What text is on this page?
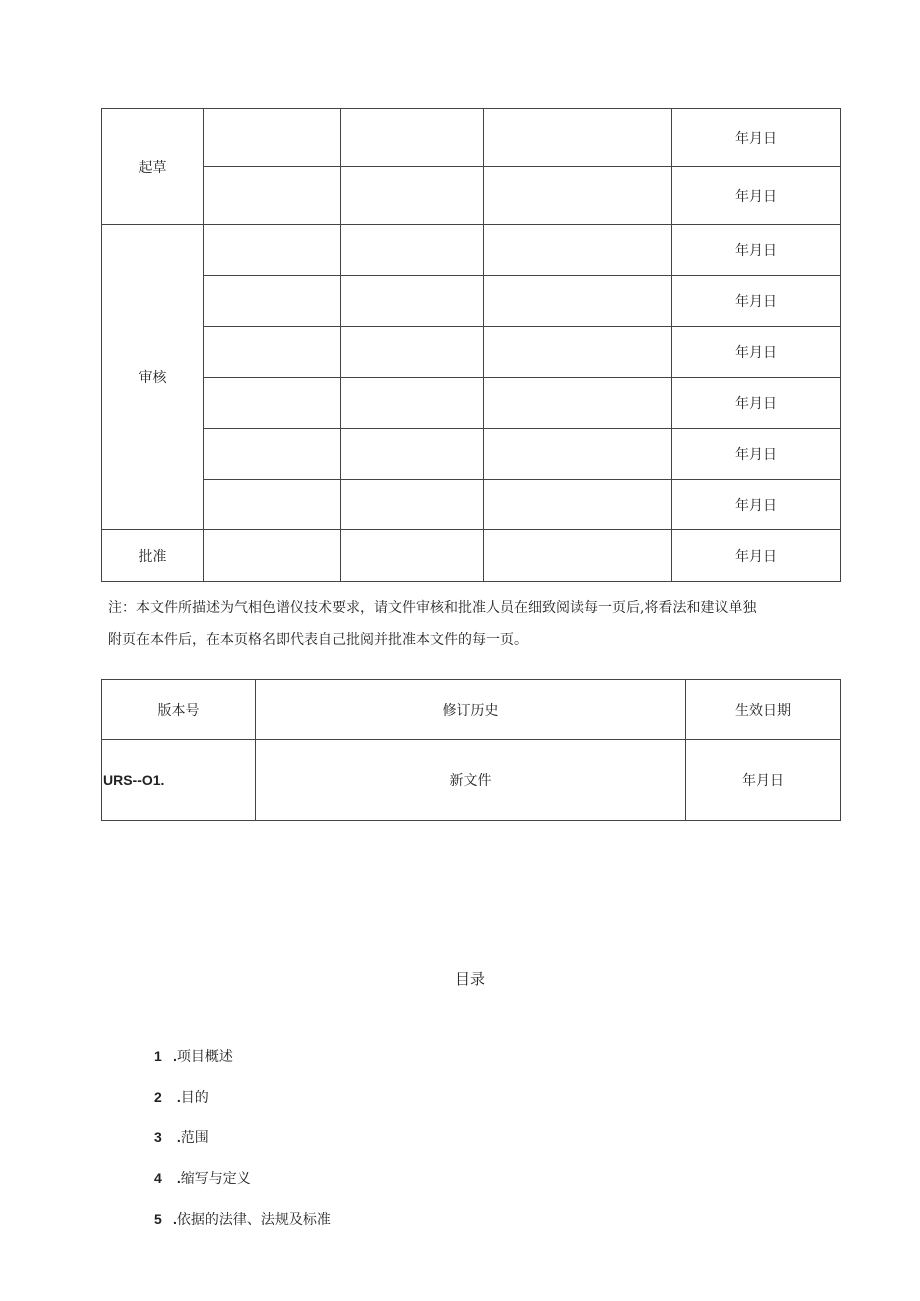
起草				年月日
				年月日
审核				年月日
				年月日
				年月日
				年月日
				年月日
				年月日
批准				年月日

注：本文件所描述为气相色谱仪技术要求，请文件审核和批准人员在细致阅读每一页后,将看法和建议单独
附页在本件后，在本页格名即代表自己批阅并批准本文件的每一页。

版本号	修订历史	生效日期
URS--O1.	新文件	年月日

目录

1 .项目概述
2 .目的
3 .范围
4 .缩写与定义
5 .依据的法律、法规及标准
